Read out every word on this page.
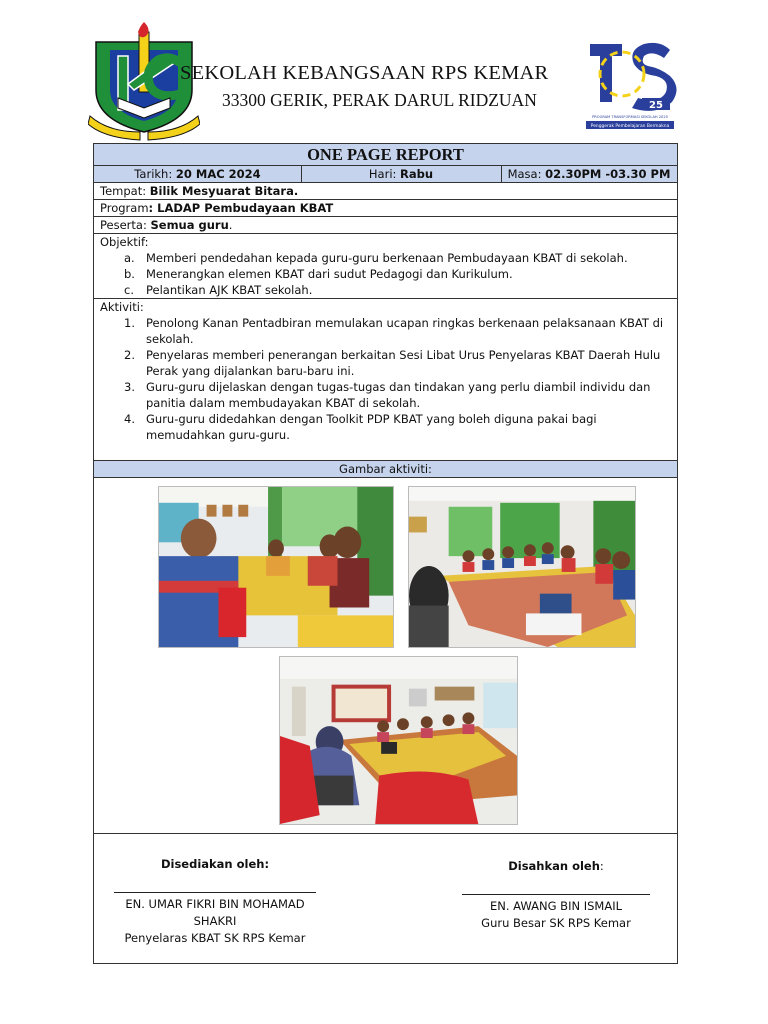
SEKOLAH KEBANGSAAN RPS KEMAR
33300 GERIK, PERAK DARUL RIDZUAN	25
PROGRAM TRANSFORMASI SEKOLAH 2025
Penggerak Pembelajaran Bermakna
ONE PAGE REPORT
Tarikh: 20 MAC 2024	Hari: Rabu	Masa: 02.30PM -03.30 PM
Tempat: Bilik Mesyuarat Bitara.
Program: LADAP Pembudayaan KBAT
Peserta: Semua guru.
Objektif:
a. Memberi pendedahan kepada guru-guru berkenaan Pembudayaan KBAT di sekolah.
b. Menerangkan elemen KBAT dari sudut Pedagogi dan Kurikulum.
c. Pelantikan AJK KBAT sekolah.
Aktiviti:
1. Penolong Kanan Pentadbiran memulakan ucapan ringkas berkenaan pelaksanaan KBAT di sekolah.
2. Penyelaras memberi penerangan berkaitan Sesi Libat Urus Penyelaras KBAT Daerah Hulu Perak yang dijalankan baru-baru ini.
3. Guru-guru dijelaskan dengan tugas-tugas dan tindakan yang perlu diambil individu dan panitia dalam membudayakan KBAT di sekolah.
4. Guru-guru didedahkan dengan Toolkit PDP KBAT yang boleh diguna pakai bagi memudahkan guru-guru.
Gambar aktiviti:
Disediakan oleh:
EN. UMAR FIKRI BIN MOHAMAD SHAKRI
Penyelaras KBAT SK RPS Kemar
Disahkan oleh:
EN. AWANG BIN ISMAIL
Guru Besar SK RPS Kemar
